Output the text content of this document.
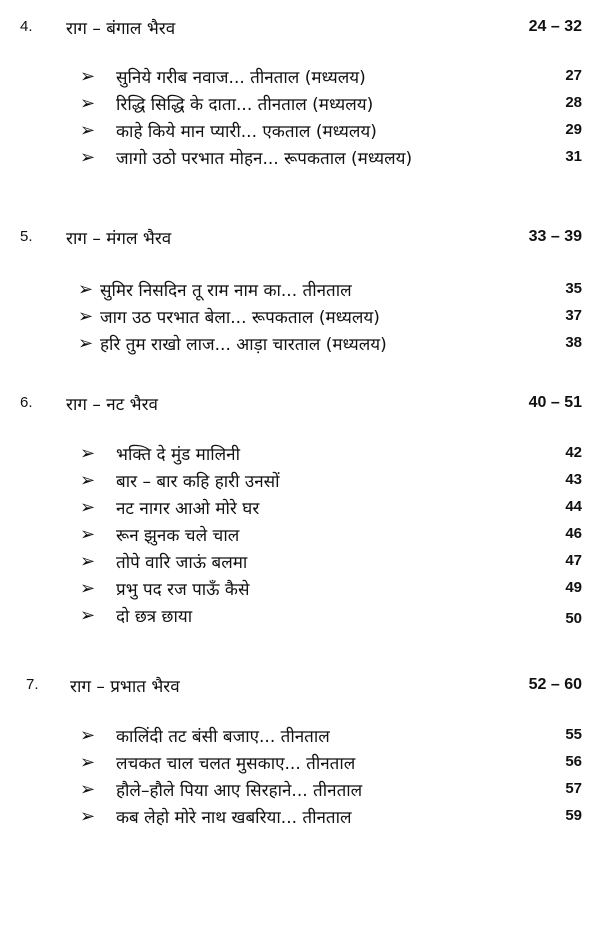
4. राग – बंगाल भैरव	24 – 32
➢ सुनिये गरीब नवाज... तीनताल (मध्यलय)	27
➢ रिद्धि सिद्धि के दाता... तीनताल (मध्यलय)	28
➢ काहे किये मान प्यारी... एकताल (मध्यलय)	29
➢ जागो उठो परभात मोहन... रूपकताल (मध्यलय)	31
5. राग – मंगल भैरव	33 – 39
➢ सुमिर निसदिन तू राम नाम का... तीनताल	35
➢ जाग उठ परभात बेला... रूपकताल (मध्यलय)	37
➢ हरि तुम राखो लाज... आड़ा चारताल (मध्यलय)	38
6. राग – नट भैरव	40 – 51
➢ भक्ति दे मुंड मालिनी	42
➢ बार – बार कहि हारी उनसों	43
➢ नट नागर आओ मोरे घर	44
➢ रून झुनक चले चाल	46
➢ तोपे वारि जाऊं बलमा	47
➢ प्रभु पद रज पाऊँ कैसे	49
➢ दो छत्र छाया	50
7. राग – प्रभात भैरव	52 – 60
➢ कालिंदी तट बंसी बजाए... तीनताल	55
➢ लचकत चाल चलत मुसकाए... तीनताल	56
➢ हौले–हौले पिया आए सिरहाने... तीनताल	57
➢ कब लेहो मोरे नाथ खबरिया... तीनताल	59
